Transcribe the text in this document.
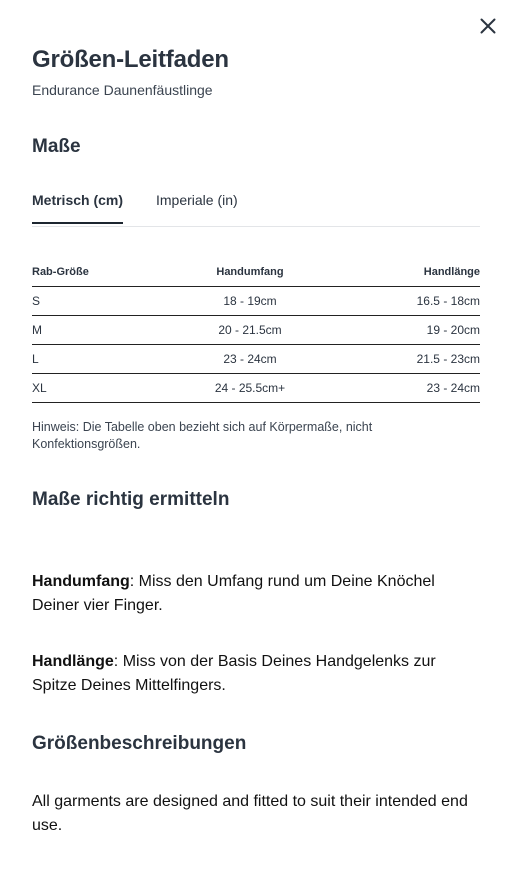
Größen-Leitfaden
Endurance Daunenfäustlinge
Maße
Metrisch (cm) Imperiale (in)
Rab-Größe	Handumfang	Handlänge
S	18 - 19cm	16.5 - 18cm
M	20 - 21.5cm	19 - 20cm
L	23 - 24cm	21.5 - 23cm
XL	24 - 25.5cm+	23 - 24cm
Hinweis: Die Tabelle oben bezieht sich auf Körpermaße, nicht Konfektionsgrößen.
Maße richtig ermitteln

Handumfang: Miss den Umfang rund um Deine Knöchel Deiner vier Finger.

Handlänge: Miss von der Basis Deines Handgelenks zur Spitze Deines Mittelfingers.

Größenbeschreibungen

All garments are designed and fitted to suit their intended end use.
